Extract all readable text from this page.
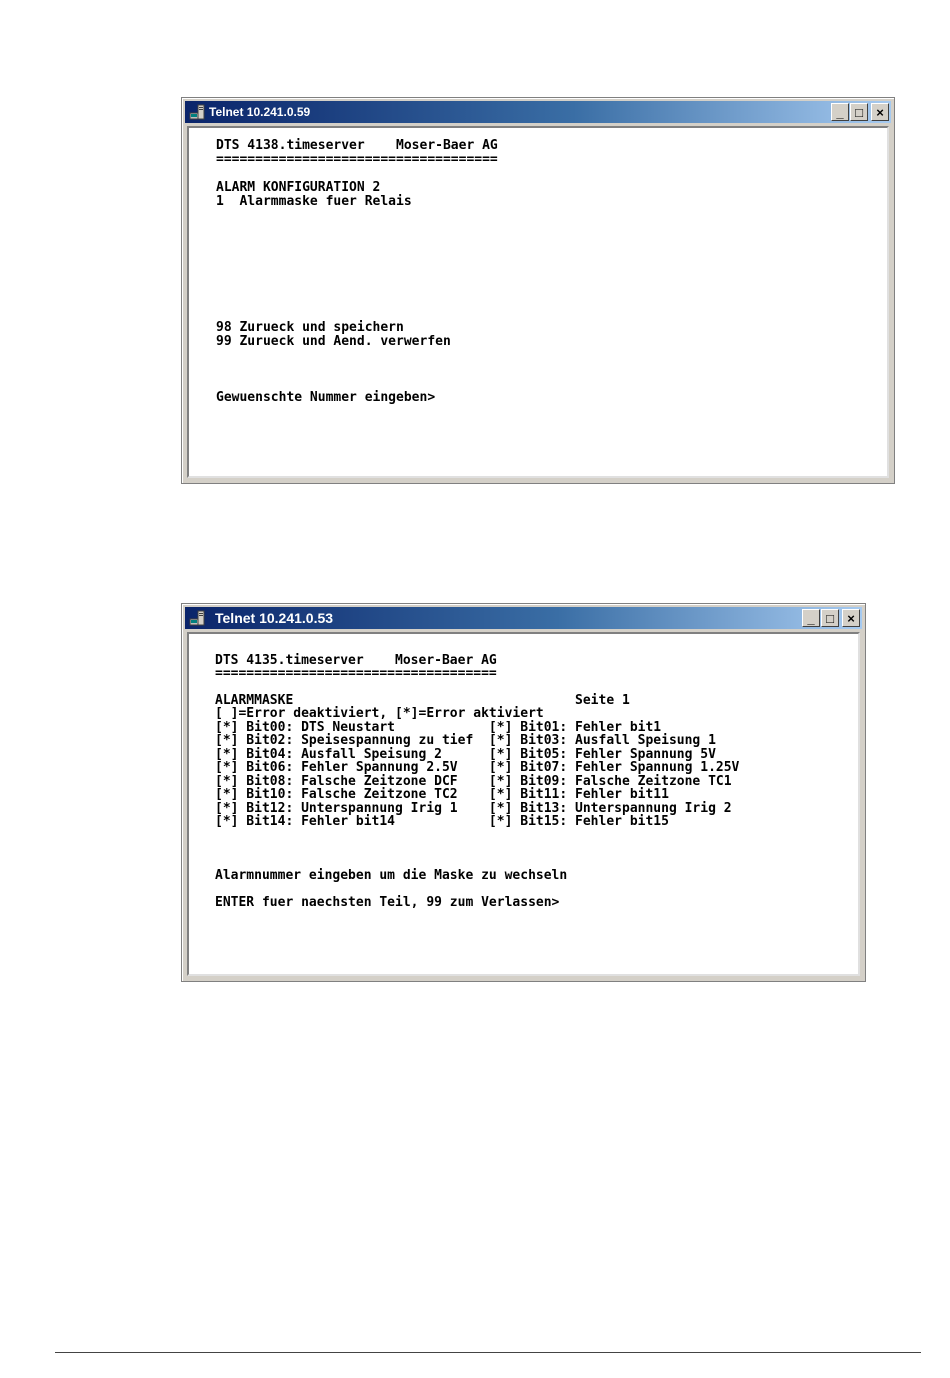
Telnet 10.241.0.59	_ □ ×
DTS 4138.timeserver    Moser-Baer AG
====================================
ALARM KONFIGURATION 2
1  Alarmmaske fuer Relais
98 Zurueck und speichern
99 Zurueck und Aend. verwerfen
Gewuenschte Nummer eingeben>
Telnet 10.241.0.53	_ □ ×
DTS 4135.timeserver    Moser-Baer AG
====================================
ALARMMASKE                                    Seite 1
[ ]=Error deaktiviert, [*]=Error aktiviert
[*] Bit00: DTS Neustart            [*] Bit01: Fehler bit1
[*] Bit02: Speisespannung zu tief  [*] Bit03: Ausfall Speisung 1
[*] Bit04: Ausfall Speisung 2      [*] Bit05: Fehler Spannung 5V
[*] Bit06: Fehler Spannung 2.5V    [*] Bit07: Fehler Spannung 1.25V
[*] Bit08: Falsche Zeitzone DCF    [*] Bit09: Falsche Zeitzone TC1
[*] Bit10: Falsche Zeitzone TC2    [*] Bit11: Fehler bit11
[*] Bit12: Unterspannung Irig 1    [*] Bit13: Unterspannung Irig 2
[*] Bit14: Fehler bit14            [*] Bit15: Fehler bit15
Alarmnummer eingeben um die Maske zu wechseln
ENTER fuer naechsten Teil, 99 zum Verlassen>
